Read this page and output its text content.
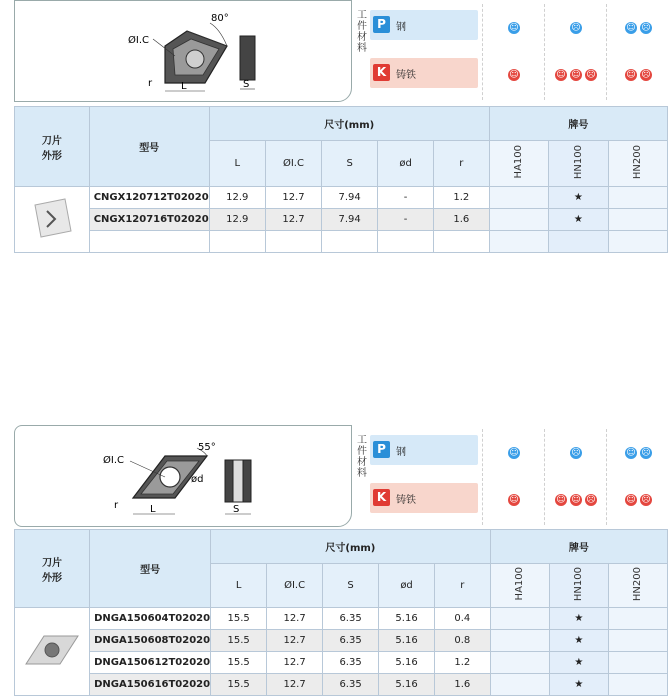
80°
ØI.C
r	L	S
工
件
材
料
P	钢
K 铸铁
☺
☺
☹
☺ ☺ ☹
☺ ☹
☺ ☹
刀片
外形	型号	尺寸(mm)					牌号		
		L	ØI.C	S	ød	r	HA100	HN100	HN200
	CNGX120712T02020	12.9	12.7	7.94	-	1.2		★	
	CNGX120716T02020	12.9	12.7	7.94	-	1.6		★	

55°
ØI.C
ød
r	L	S
工
件
材
料
P	钢
K 铸铁
☺
☺
☹
☺ ☺ ☹
☺ ☹
☺ ☹
刀片
外形	型号	尺寸(mm)					牌号		
		L	ØI.C	S	ød	r	HA100	HN100	HN200
	DNGA150604T02020	15.5	12.7	6.35	5.16	0.4		★	
	DNGA150608T02020	15.5	12.7	6.35	5.16	0.8		★	
	DNGA150612T02020	15.5	12.7	6.35	5.16	1.2		★	
	DNGA150616T02020	15.5	12.7	6.35	5.16	1.6		★	
